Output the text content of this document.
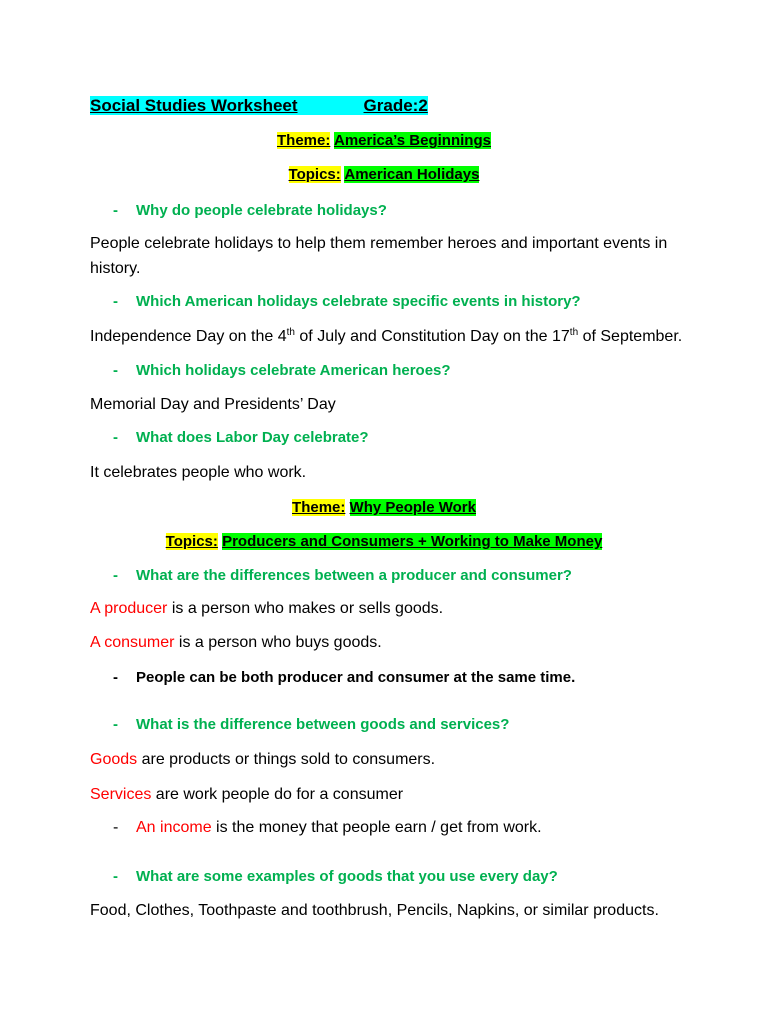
Social Studies Worksheet	Grade:2
Theme: America’s Beginnings
Topics: American Holidays
- Why do people celebrate holidays?
People celebrate holidays to help them remember heroes and important events in history.
- Which American holidays celebrate specific events in history?
Independence Day on the 4th of July and Constitution Day on the 17th of September.
- Which holidays celebrate American heroes?
Memorial Day and Presidents’ Day
- What does Labor Day celebrate?
It celebrates people who work.
Theme: Why People Work
Topics: Producers and Consumers + Working to Make Money
- What are the differences between a producer and consumer?
A producer is a person who makes or sells goods.
A consumer is a person who buys goods.
- People can be both producer and consumer at the same time.
- What is the difference between goods and services?
Goods are products or things sold to consumers.
Services are work people do for a consumer
- An income is the money that people earn / get from work.
- What are some examples of goods that you use every day?
Food, Clothes, Toothpaste and toothbrush, Pencils, Napkins, or similar products.
